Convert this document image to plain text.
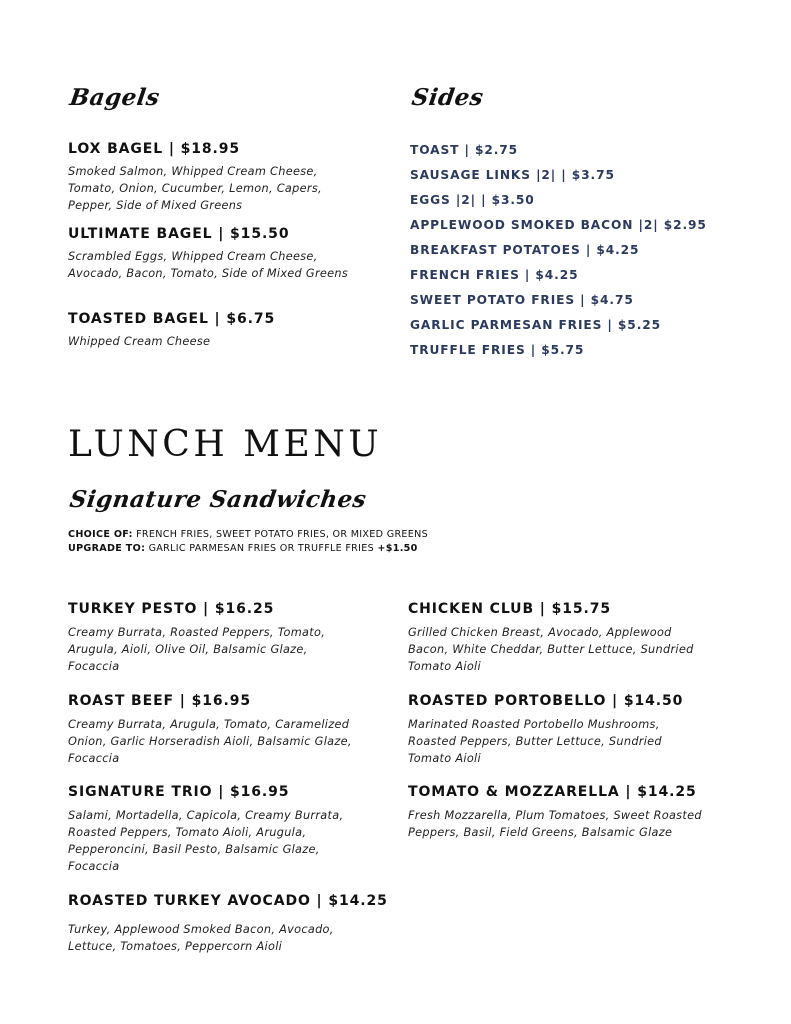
Bagels
LOX BAGEL | $18.95
Smoked Salmon, Whipped Cream Cheese, Tomato, Onion, Cucumber, Lemon, Capers, Pepper, Side of Mixed Greens
ULTIMATE BAGEL | $15.50
Scrambled Eggs, Whipped Cream Cheese, Avocado, Bacon, Tomato, Side of Mixed Greens
TOASTED BAGEL | $6.75
Whipped Cream Cheese
Sides
TOAST | $2.75
SAUSAGE LINKS |2| | $3.75
EGGS |2| | $3.50
APPLEWOOD SMOKED BACON |2| $2.95
BREAKFAST POTATOES | $4.25
FRENCH FRIES | $4.25
SWEET POTATO FRIES | $4.75
GARLIC PARMESAN FRIES | $5.25
TRUFFLE FRIES | $5.75
LUNCH MENU
Signature Sandwiches
CHOICE OF: FRENCH FRIES, SWEET POTATO FRIES, OR MIXED GREENS
UPGRADE TO: GARLIC PARMESAN FRIES OR TRUFFLE FRIES +$1.50
TURKEY PESTO | $16.25
Creamy Burrata, Roasted Peppers, Tomato, Arugula, Aioli, Olive Oil, Balsamic Glaze, Focaccia
ROAST BEEF | $16.95
Creamy Burrata, Arugula, Tomato, Caramelized Onion, Garlic Horseradish Aioli, Balsamic Glaze, Focaccia
SIGNATURE TRIO | $16.95
Salami, Mortadella, Capicola, Creamy Burrata, Roasted Peppers, Tomato Aioli, Arugula, Pepperoncini, Basil Pesto, Balsamic Glaze, Focaccia
ROASTED TURKEY AVOCADO | $14.25
Turkey, Applewood Smoked Bacon, Avocado, Lettuce, Tomatoes, Peppercorn Aioli
CHICKEN CLUB | $15.75
Grilled Chicken Breast, Avocado, Applewood Bacon, White Cheddar, Butter Lettuce, Sundried Tomato Aioli
ROASTED PORTOBELLO | $14.50
Marinated Roasted Portobello Mushrooms, Roasted Peppers, Butter Lettuce, Sundried Tomato Aioli
TOMATO & MOZZARELLA | $14.25
Fresh Mozzarella, Plum Tomatoes, Sweet Roasted Peppers, Basil, Field Greens, Balsamic Glaze
